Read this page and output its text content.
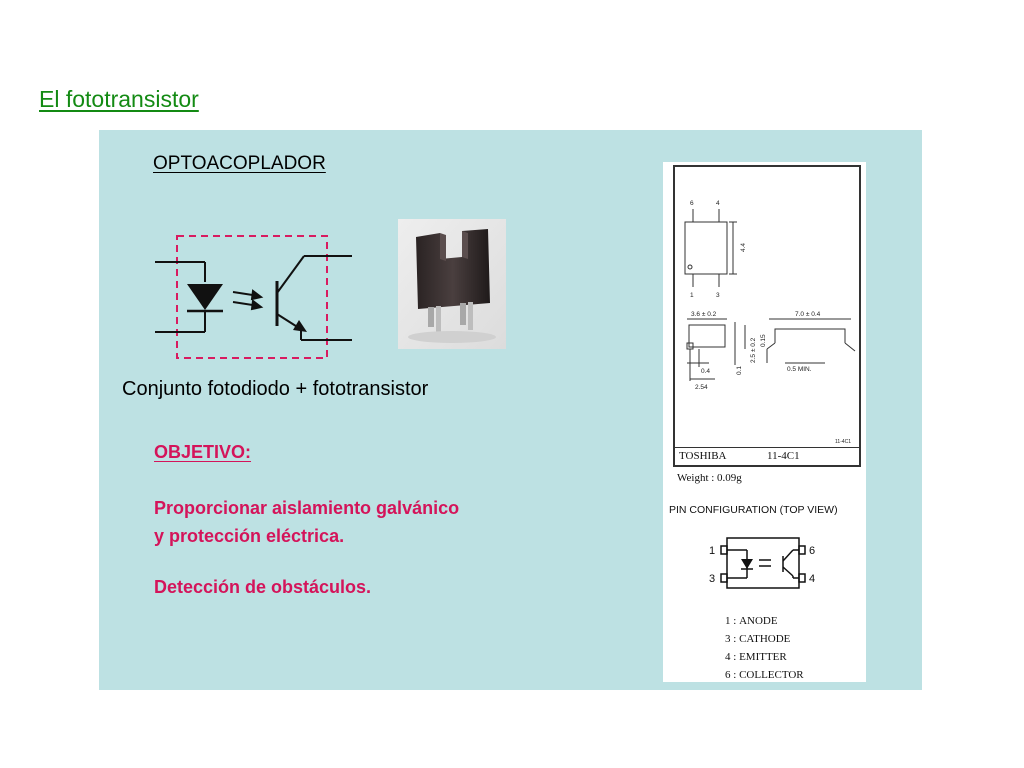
El fototransistor
OPTOACOPLADOR
Conjunto fotodiodo + fototransistor
OBJETIVO:
Proporcionar aislamiento galvánico
y protección eléctrica.
Detección de obstáculos.
6	4
1	3
4.4
3.6 ± 0.2	7.0 ± 0.4
2.5 ± 0.2 0.15
0.1
0.4
2.54
0.5 MIN.
11-4C1
TOSHIBA	11-4C1
Weight : 0.09g
PIN CONFIGURATION (TOP VIEW)
1
3
6
4
1 : ANODE
3 : CATHODE
4 : EMITTER
6 : COLLECTOR
